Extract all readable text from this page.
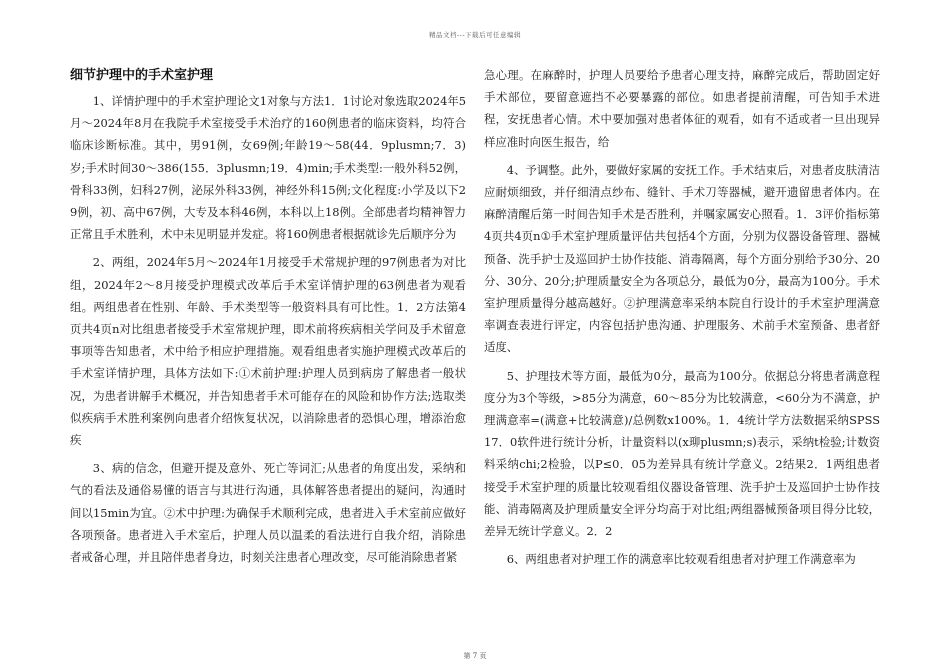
精品文档---下载后可任意编辑
细节护理中的手术室护理

1、详情护理中的手术室护理论文1对象与方法1．1讨论对象选取2024年5月～2024年8月在我院手术室接受手术治疗的160例患者的临床资料，均符合临床诊断标准。其中，男91例，女69例;年龄19～58(44．9plusmn;7．3)岁;手术时间30～386(155．3plusmn;19．4)min;手术类型:一般外科52例，骨科33例，妇科27例，泌尿外科33例，神经外科15例;文化程度:小学及以下29例，初、高中67例，大专及本科46例，本科以上18例。全部患者均精神智力正常且手术胜利，术中未见明显并发症。将160例患者根据就诊先后顺序分为

2、两组，2024年5月～2024年1月接受手术常规护理的97例患者为对比组，2024年2～8月接受护理模式改革后手术室详情护理的63例患者为观看组。两组患者在性别、年龄、手术类型等一般资料具有可比性。1．2方法第4页共4页n对比组患者接受手术室常规护理，即术前将疾病相关学问及手术留意事项等告知患者，术中给予相应护理措施。观看组患者实施护理模式改革后的手术室详情护理，具体方法如下:①术前护理:护理人员到病房了解患者一般状况，为患者讲解手术概况，并告知患者手术可能存在的风险和协作方法;选取类似疾病手术胜利案例向患者介绍恢复状况，以消除患者的恐惧心理，增添治愈疾

3、病的信念，但避开提及意外、死亡等词汇;从患者的角度出发，采纳和气的看法及通俗易懂的语言与其进行沟通，具体解答患者提出的疑问，沟通时间以15min为宜。②术中护理:为确保手术顺利完成，患者进入手术室前应做好各项预备。患者进入手术室后，护理人员以温柔的看法进行自我介绍，消除患者戒备心理，并且陪伴患者身边，时刻关注患者心理改变，尽可能消除患者紧

急心理。在麻醉时，护理人员要给予患者心理支持，麻醉完成后，帮助固定好手术部位，要留意遮挡不必要暴露的部位。如患者提前清醒，可告知手术进程，安抚患者心情。术中要加强对患者体征的观看，如有不适或者一旦出现异样应准时向医生报告，给

4、予调整。此外，要做好家属的安抚工作。手术结束后，对患者皮肤清洁应耐烦细致，并仔细清点纱布、缝针、手术刀等器械，避开遗留患者体内。在麻醉清醒后第一时间告知手术是否胜利，并嘱家属安心照看。1．3评价指标第4页共4页n①手术室护理质量评估共包括4个方面，分别为仪器设备管理、器械预备、洗手护士及巡回护士协作技能、消毒隔离，每个方面分别给予30分、20分、30分、20分;护理质量安全为各项总分，最低为0分，最高为100分。手术室护理质量得分越高越好。②护理满意率采纳本院自行设计的手术室护理满意率调查表进行评定，内容包括护患沟通、护理服务、术前手术室预备、患者舒适度、

5、护理技术等方面，最低为0分，最高为100分。依据总分将患者满意程度分为3个等级，>85分为满意，60～85分为比较满意，<60分为不满意，护理满意率=(满意+比较满意)/总例数x100%。1．4统计学方法数据采纳SPSS17．0软件进行统计分析，计量资料以(x珋plusmn;s)表示，采纳t检验;计数资料采纳chi;2检验，以P≤0．05为差异具有统计学意义。2结果2．1两组患者接受手术室护理的质量比较观看组仪器设备管理、洗手护士及巡回护士协作技能、消毒隔离及护理质量安全评分均高于对比组;两组器械预备项目得分比较，差异无统计学意义。2．2

6、两组患者对护理工作的满意率比较观看组患者对护理工作满意率为

第 7 页
